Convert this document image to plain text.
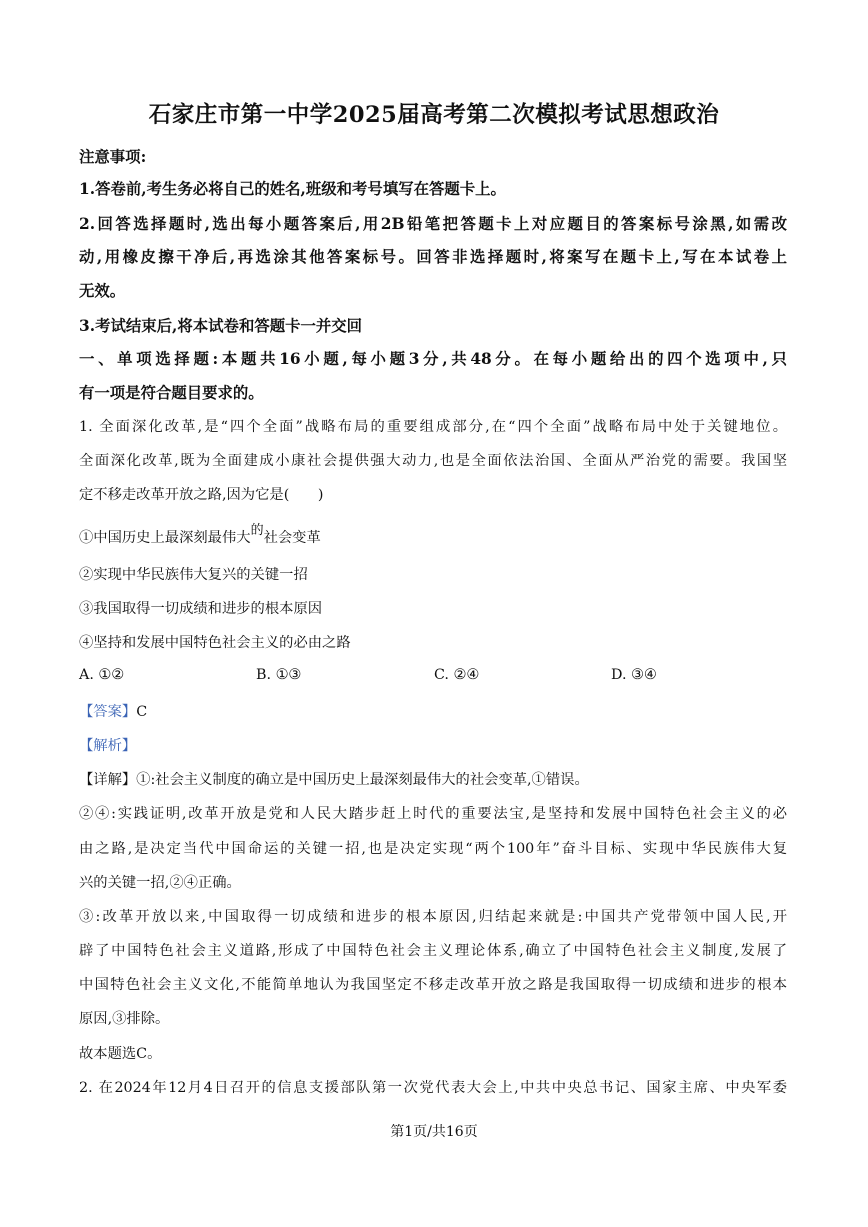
石家庄市第一中学2025届高考第二次模拟考试思想政治
注意事项:
1.答卷前,考生务必将自己的姓名,班级和考号填写在答题卡上。
2.回答选择题时,选出每小题答案后,用2B铅笔把答题卡上对应题目的答案标号涂黑,如需改
动,用橡皮擦干净后,再选涂其他答案标号。回答非选择题时,将案写在题卡上,写在本试卷上
无效。
3.考试结束后,将本试卷和答题卡一并交回
一、单项选择题:本题共16小题,每小题3分,共48分。在每小题给出的四个选项中,只
有一项是符合题目要求的。
1. 全面深化改革,是“四个全面”战略布局的重要组成部分,在“四个全面”战略布局中处于关键地位。
全面深化改革,既为全面建成小康社会提供强大动力,也是全面依法治国、全面从严治党的需要。我国坚
定不移走改革开放之路,因为它是(　　)
①中国历史上最深刻最伟大的社会变革
②实现中华民族伟大复兴的关键一招
③我国取得一切成绩和进步的根本原因
④坚持和发展中国特色社会主义的必由之路
A. ①②	B. ①③	C. ②④	D. ③④
【答案】C
【解析】
【详解】①:社会主义制度的确立是中国历史上最深刻最伟大的社会变革,①错误。
②④:实践证明,改革开放是党和人民大踏步赶上时代的重要法宝,是坚持和发展中国特色社会主义的必
由之路,是决定当代中国命运的关键一招,也是决定实现“两个100年”奋斗目标、实现中华民族伟大复
兴的关键一招,②④正确。
③:改革开放以来,中国取得一切成绩和进步的根本原因,归结起来就是:中国共产党带领中国人民,开
辟了中国特色社会主义道路,形成了中国特色社会主义理论体系,确立了中国特色社会主义制度,发展了
中国特色社会主义文化,不能简单地认为我国坚定不移走改革开放之路是我国取得一切成绩和进步的根本
原因,③排除。
故本题选C。
2. 在2024年12月4日召开的信息支援部队第一次党代表大会上,中共中央总书记、国家主席、中央军委
第1页/共16页
